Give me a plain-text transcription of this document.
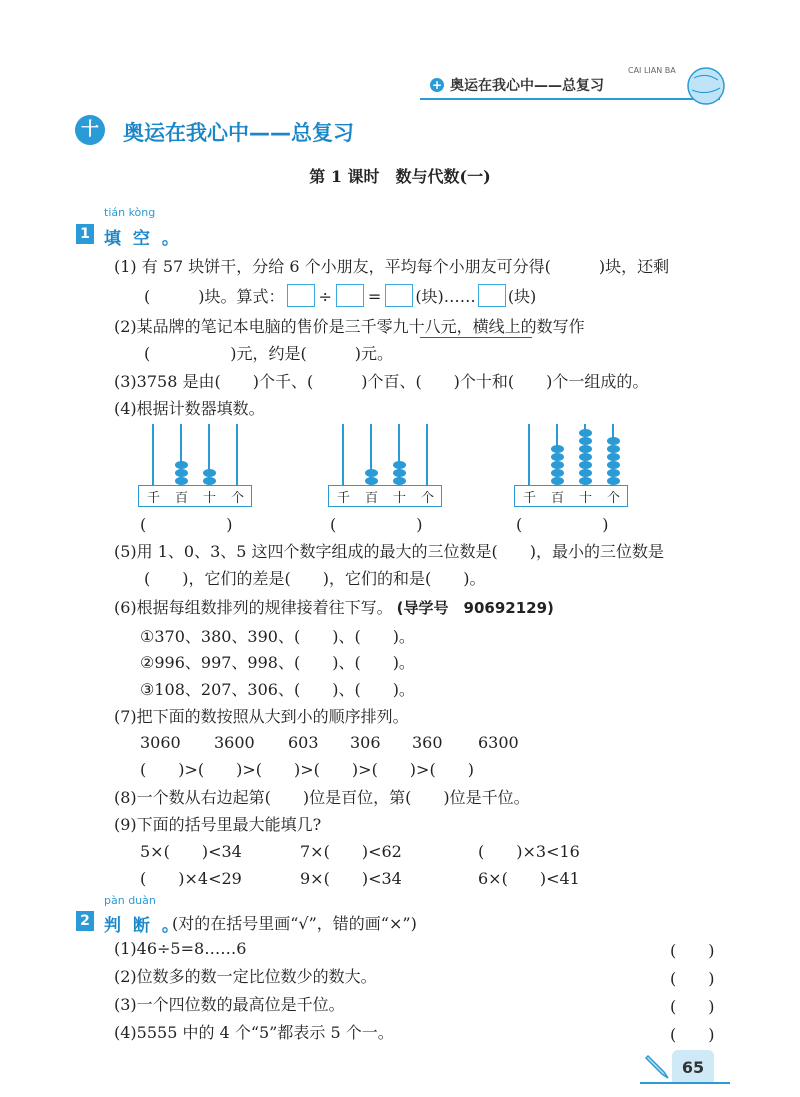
+ 奥运在我心中——总复习
CAI LIAN BA
十 奥运在我心中——总复习
第 1 课时　数与代数(一)
tián kòng
1 填 空 。
(1) 有 57 块饼干，分给 6 个小朋友，平均每个小朋友可分得(　　　)块，还剩
(　　　)块。算式： ÷ = (块)…… (块)
(2)某品牌的笔记本电脑的售价是三千零九十八元，横线上的数写作
(　　　　　)元，约是(　　　)元。
(3)3758 是由(　　)个千、(　　　)个百、(　　)个十和(　　)个一组成的。
(4)根据计数器填数。
千 百 十 个
(　　　　　)
千 百 十 个
(　　　　　)
千 百 十 个
(　　　　　)
(5)用 1、0、3、5 这四个数字组成的最大的三位数是(　　)，最小的三位数是
(　　)，它们的差是(　　)，它们的和是(　　)。
(6)根据每组数排列的规律接着往下写。 (导学号　90692129)
①370、380、390、(　　)、(　　)。
②996、997、998、(　　)、(　　)。
③108、207、306、(　　)、(　　)。
(7)把下面的数按照从大到小的顺序排列。
3060 3600 603 306 360 6300
(　　)>(　　)>(　　)>(　　)>(　　)>(　　)
(8)一个数从右边起第(　　)位是百位，第(　　)位是千位。
(9)下面的括号里最大能填几?
5×(　　)<34	7×(　　)<62	(　　)×3<16
(　　)×4<29	9×(　　)<34	6×(　　)<41
pàn duàn
2 判 断 。
(对的在括号里画“√”，错的画“×”)
(1)46÷5=8……6	(　　)
(2)位数多的数一定比位数少的数大。	(　　)
(3)一个四位数的最高位是千位。	(　　)
(4)5555 中的 4 个“5”都表示 5 个一。	(　　)
65
